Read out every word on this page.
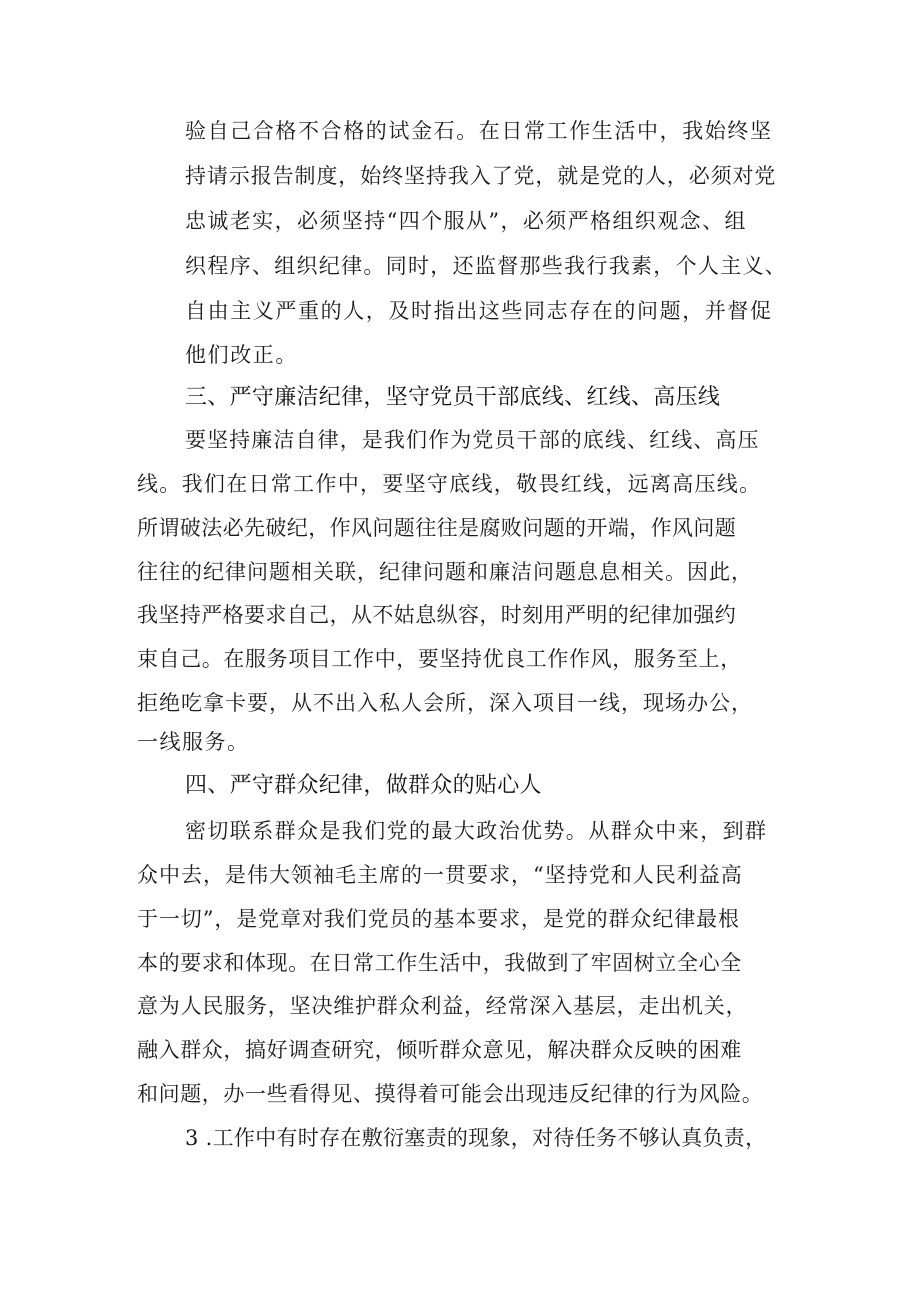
验自己合格不合格的试金石。在日常工作生活中，我始终坚
持请示报告制度，始终坚持我入了党，就是党的人，必须对党
忠诚老实，必须坚持“四个服从”，必须严格组织观念、组
织程序、组织纪律。同时，还监督那些我行我素，个人主义、
自由主义严重的人，及时指出这些同志存在的问题，并督促
他们改正。
三、严守廉洁纪律，坚守党员干部底线、红线、高压线
要坚持廉洁自律，是我们作为党员干部的底线、红线、高压
线。我们在日常工作中，要坚守底线，敬畏红线，远离高压线。
所谓破法必先破纪，作风问题往往是腐败问题的开端，作风问题
往往的纪律问题相关联，纪律问题和廉洁问题息息相关。因此，
我坚持严格要求自己，从不姑息纵容，时刻用严明的纪律加强约
束自己。在服务项目工作中，要坚持优良工作作风，服务至上，
拒绝吃拿卡要，从不出入私人会所，深入项目一线，现场办公，
一线服务。
四、严守群众纪律，做群众的贴心人
密切联系群众是我们党的最大政治优势。从群众中来，到群
众中去，是伟大领袖毛主席的一贯要求，“坚持党和人民利益高
于一切”，是党章对我们党员的基本要求，是党的群众纪律最根
本的要求和体现。在日常工作生活中，我做到了牢固树立全心全
意为人民服务，坚决维护群众利益，经常深入基层，走出机关，
融入群众，搞好调查研究，倾听群众意见，解决群众反映的困难
和问题，办一些看得见、摸得着可能会出现违反纪律的行为风险。
3 .工作中有时存在敷衍塞责的现象，对待任务不够认真负责，
